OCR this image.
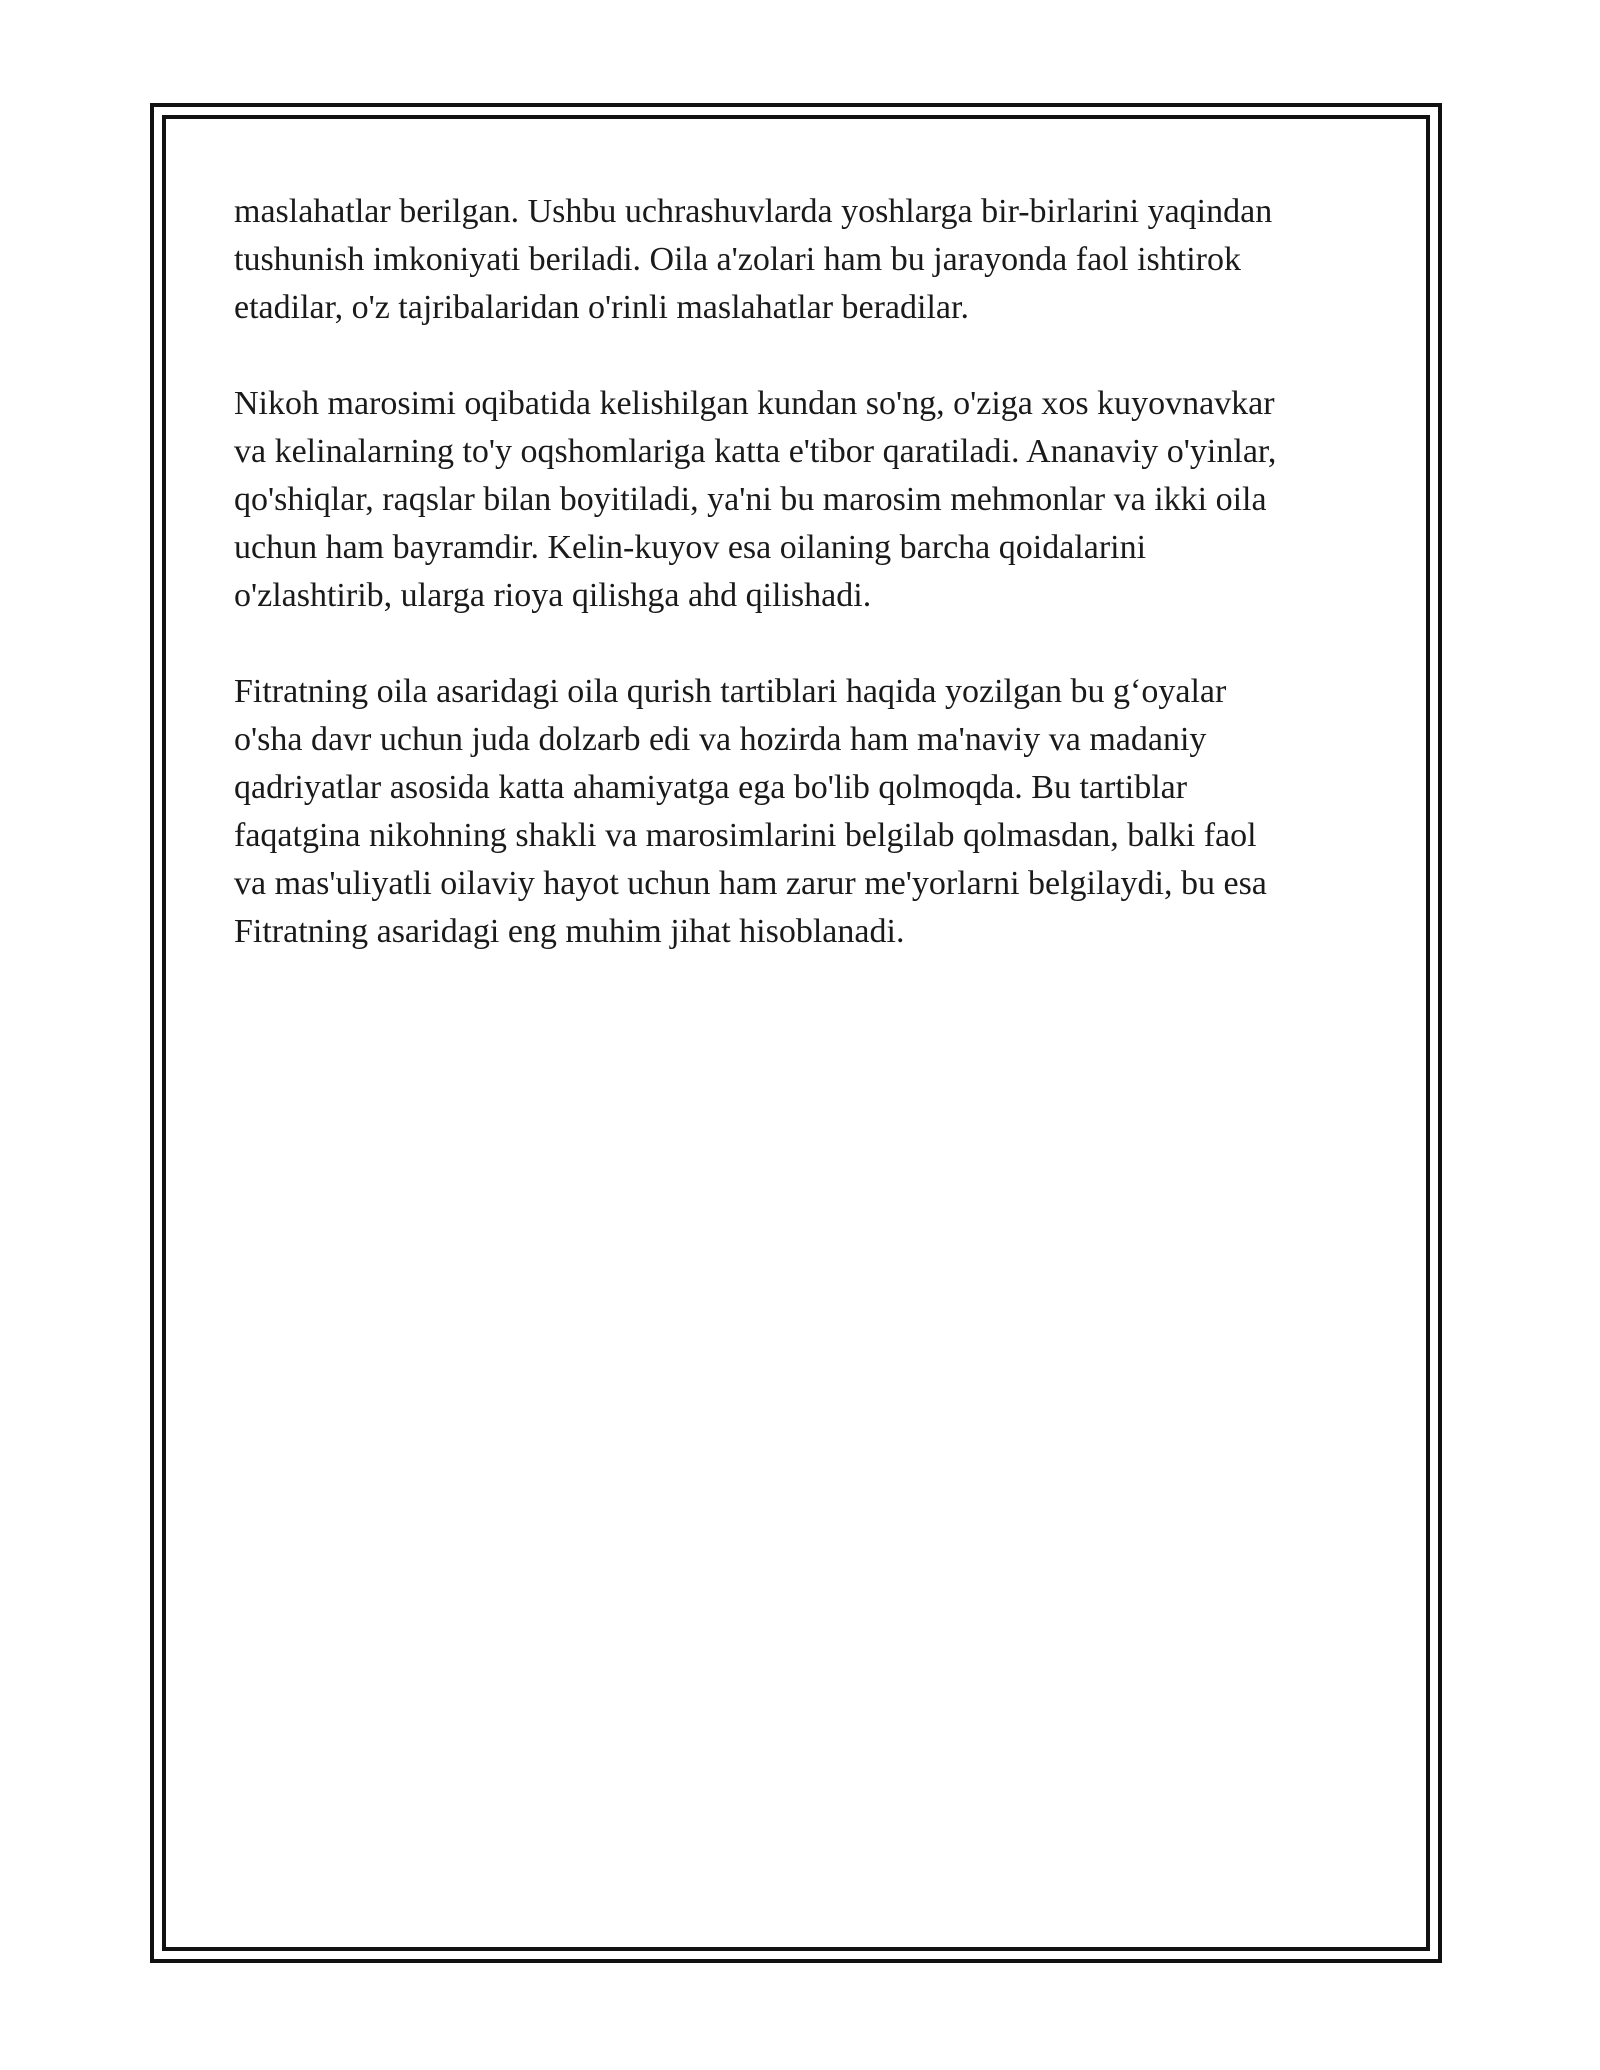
maslahatlar berilgan. Ushbu uchrashuvlarda yoshlarga bir-birlarini yaqindan
tushunish imkoniyati beriladi. Oila a'zolari ham bu jarayonda faol ishtirok
etadilar, o'z tajribalaridan o'rinli maslahatlar beradilar.

Nikoh marosimi oqibatida kelishilgan kundan so'ng, o'ziga xos kuyovnavkar
va kelinalarning to'y oqshomlariga katta e'tibor qaratiladi. Ananaviy o'yinlar,
qo'shiqlar, raqslar bilan boyitiladi, ya'ni bu marosim mehmonlar va ikki oila
uchun ham bayramdir. Kelin-kuyov esa oilaning barcha qoidalarini
o'zlashtirib, ularga rioya qilishga ahd qilishadi.

Fitratning oila asaridagi oila qurish tartiblari haqida yozilgan bu g‘oyalar
o'sha davr uchun juda dolzarb edi va hozirda ham ma'naviy va madaniy
qadriyatlar asosida katta ahamiyatga ega bo'lib qolmoqda. Bu tartiblar
faqatgina nikohning shakli va marosimlarini belgilab qolmasdan, balki faol
va mas'uliyatli oilaviy hayot uchun ham zarur me'yorlarni belgilaydi, bu esa
Fitratning asaridagi eng muhim jihat hisoblanadi.
